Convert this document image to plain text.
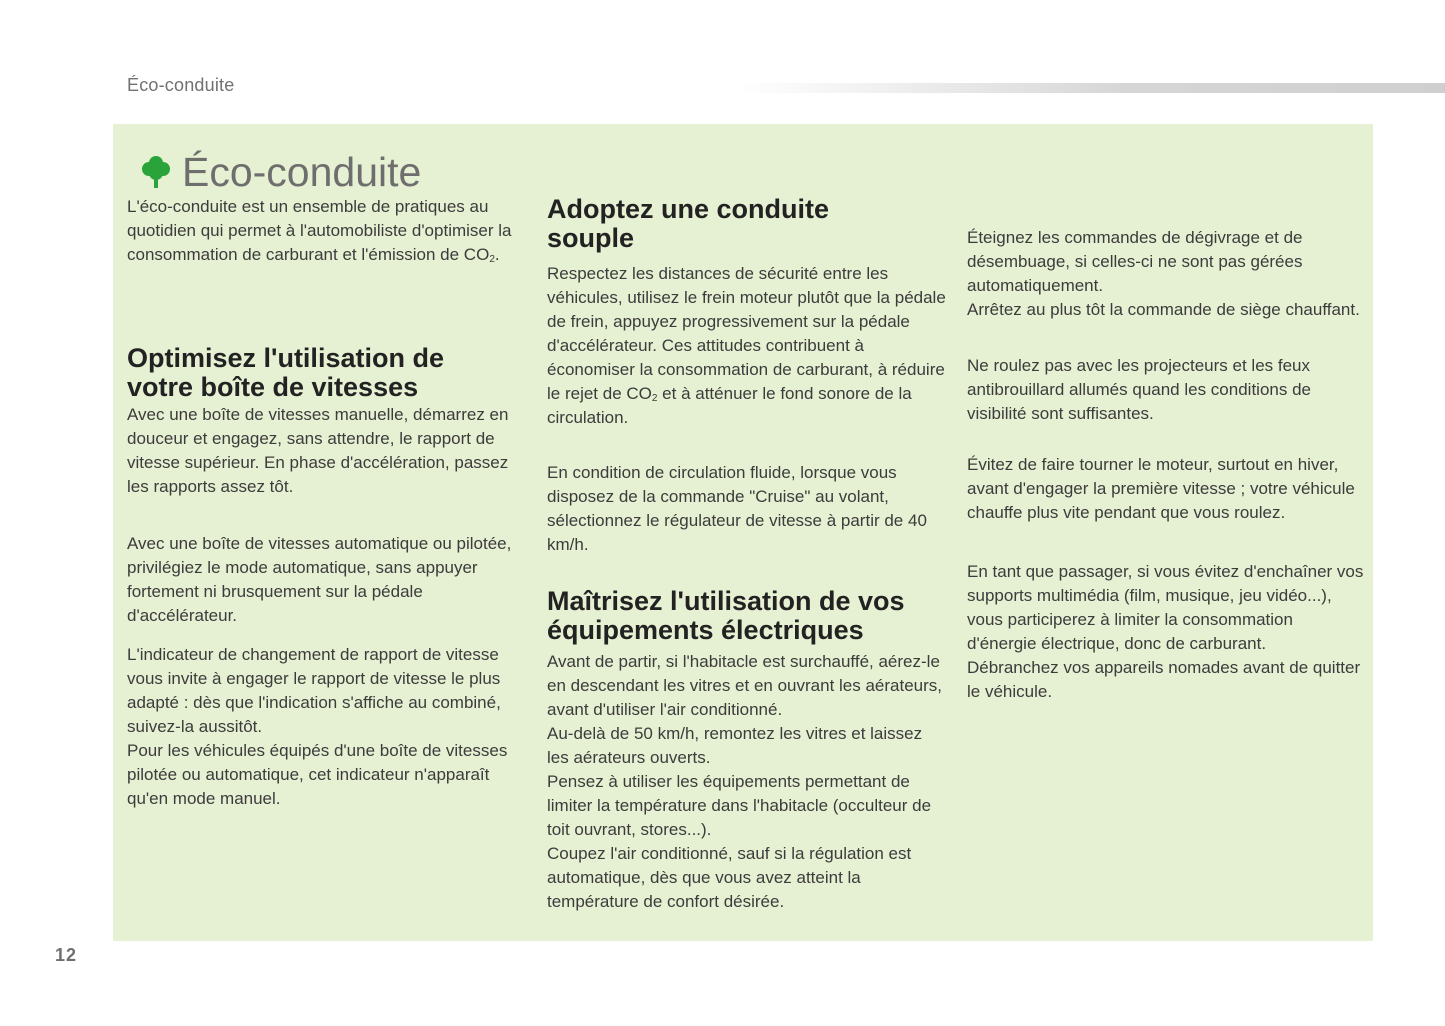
Éco-conduite
Éco-conduite

L'éco-conduite est un ensemble de pratiques au quotidien qui permet à l'automobiliste d'optimiser la consommation de carburant et l'émission de $CO_2$.

Optimisez l'utilisation de
votre boîte de vitesses

Avec une boîte de vitesses manuelle, démarrez en douceur et engagez, sans attendre, le rapport de vitesse supérieur. En phase d'accélération, passez les rapports assez tôt.

Avec une boîte de vitesses automatique ou pilotée, privilégiez le mode automatique, sans appuyer fortement ni brusquement sur la pédale d'accélérateur.

L'indicateur de changement de rapport de vitesse vous invite à engager le rapport de vitesse le plus adapté : dès que l'indication s'affiche au combiné, suivez-la aussitôt.

Pour les véhicules équipés d'une boîte de vitesses pilotée ou automatique, cet indicateur n'apparaît qu'en mode manuel.

Adoptez une conduite
souple

Respectez les distances de sécurité entre les véhicules, utilisez le frein moteur plutôt que la pédale de frein, appuyez progressivement sur la pédale d'accélérateur. Ces attitudes contribuent à économiser la consommation de carburant, à réduire le rejet de $CO_2$ et à atténuer le fond sonore de la circulation.

En condition de circulation fluide, lorsque vous disposez de la commande "Cruise" au volant, sélectionnez le régulateur de vitesse à partir de 40 km/h.

Maîtrisez l'utilisation de vos
équipements électriques

Avant de partir, si l'habitacle est surchauffé, aérez-le en descendant les vitres et en ouvrant les aérateurs, avant d'utiliser l'air conditionné.

Au-delà de 50 km/h, remontez les vitres et laissez les aérateurs ouverts.

Pensez à utiliser les équipements permettant de limiter la température dans l'habitacle (occulteur de toit ouvrant, stores...).

Coupez l'air conditionné, sauf si la régulation est automatique, dès que vous avez atteint la température de confort désirée.

Éteignez les commandes de dégivrage et de désembuage, si celles-ci ne sont pas gérées automatiquement.

Arrêtez au plus tôt la commande de siège chauffant.

Ne roulez pas avec les projecteurs et les feux antibrouillard allumés quand les conditions de visibilité sont suffisantes.

Évitez de faire tourner le moteur, surtout en hiver, avant d'engager la première vitesse ; votre véhicule chauffe plus vite pendant que vous roulez.

En tant que passager, si vous évitez d'enchaîner vos supports multimédia (film, musique, jeu vidéo...), vous participerez à limiter la consommation d'énergie électrique, donc de carburant.

Débranchez vos appareils nomades avant de quitter le véhicule.

12
